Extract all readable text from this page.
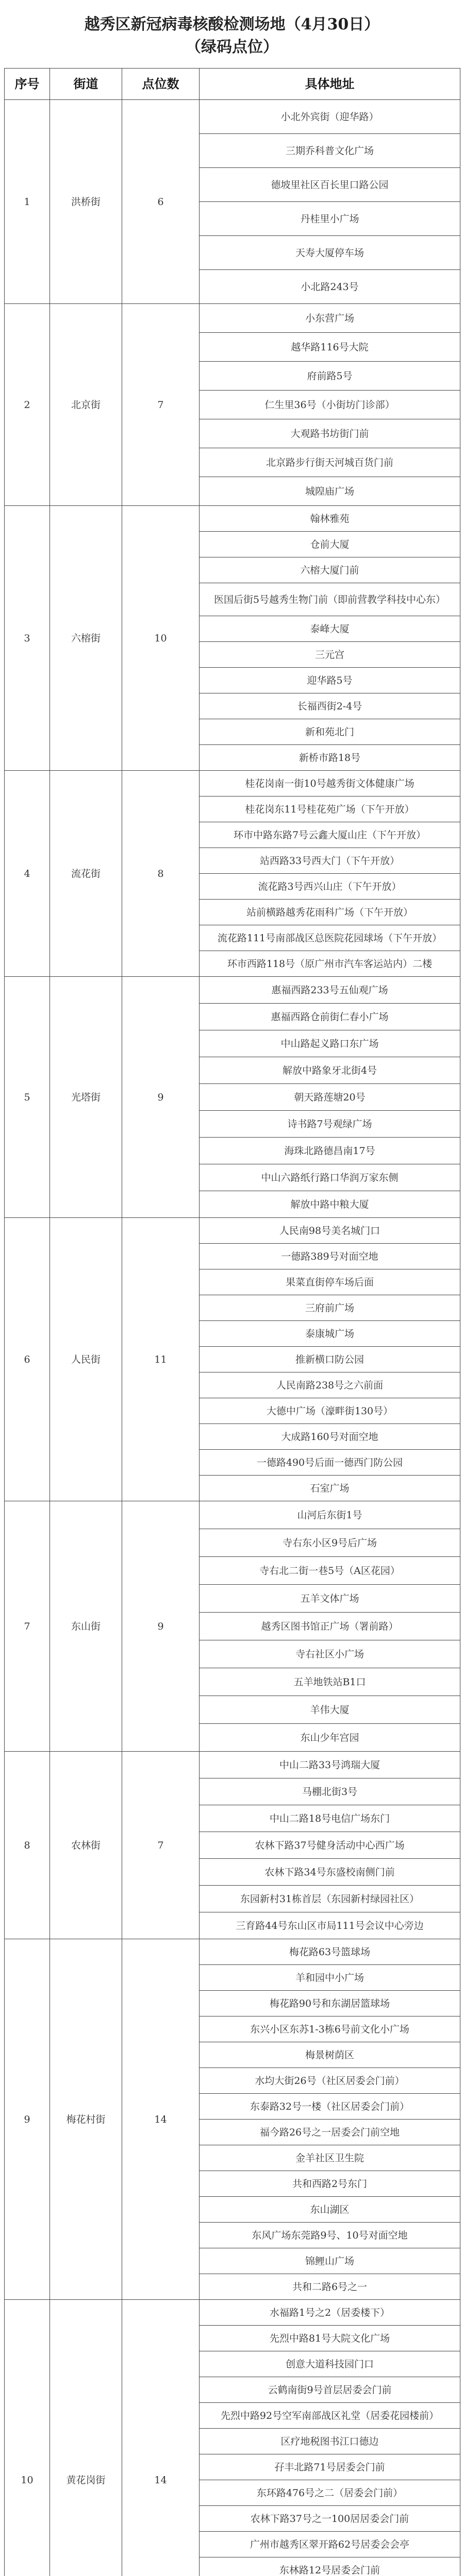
越秀区新冠病毒核酸检测场地（4月30日）
（绿码点位）
序号	街道	点位数	具体地址
1	洪桥街	6	小北外宾街（迎华路）
			三期乔科普文化广场
			德坡里社区百长里口路公园
			丹桂里小广场
			天寿大厦停车场
			小北路243号
2	北京街	7	小东营广场
			越华路116号大院
			府前路5号
			仁生里36号（小街坊门诊部）
			大观路书坊街门前
			北京路步行街天河城百货门前
			城隍庙广场
3	六榕街	10	翰林雅苑
			仓前大厦
			六榕大厦门前
			医国后街5号越秀生物门前（即前营教学科技中心东）
			泰峰大厦
			三元宫
			迎华路5号
			长福西街2-4号
			新和苑北门
			新桥市路18号
4	流花街	8	桂花岗南一街10号越秀街文体健康广场
			桂花岗东11号桂花苑广场（下午开放）
			环市中路东路7号云鑫大厦山庄（下午开放）
			站西路33号西大门（下午开放）
			流花路3号西兴山庄（下午开放）
			站前横路越秀花雨科广场（下午开放）
			流花路111号南部战区总医院花园球场（下午开放）
			环市西路118号（原广州市汽车客运站内）二楼
5	光塔街	9	惠福西路233号五仙观广场
			惠福西路仓前街仁春小广场
			中山路起义路口东广场
			解放中路象牙北街4号
			朝天路莲塘20号
			诗书路7号观绿广场
			海珠北路德昌南17号
			中山六路纸行路口华润万家东侧
			解放中路中粮大厦
6	人民街	11	人民南98号美名城门口
			一德路389号对面空地
			果菜直街停车场后面
			三府前广场
			泰康城广场
			推新横口防公园
			人民南路238号之六前面
			大德中广场（濠畔街130号）
			大成路160号对面空地
			一德路490号后面一德西门防公园
			石室广场
7	东山街	9	山河后东街1号
			寺右东小区9号后广场
			寺右北二街一巷5号（A区花园）
			五羊文体广场
			越秀区图书馆正广场（署前路）
			寺右社区小广场
			五羊地铁站B1口
			羊伟大厦
			东山少年宫园
8	农林街	7	中山二路33号鸿瑞大厦
			马棚北街3号
			中山二路18号电信广场东门
			农林下路37号健身活动中心西广场
			农林下路34号东盛校南侧门前
			东园新村31栋首层（东园新村绿园社区）
			三育路44号东山区市局111号会议中心旁边
9	梅花村街	14	梅花路63号篮球场
			羊和园中小广场
			梅花路90号和东湖居篮球场
			东兴小区东苏1-3栋6号前文化小广场
			梅景树荫区
			水均大街26号（社区居委会门前）
			东泰路32号一楼（社区居委会门前）
			福今路26号之一居委会门前空地
			金羊社区卫生院
			共和西路2号东门
			东山湖区
			东风广场东莞路9号、10号对面空地
			锦鲤山广场
			共和二路6号之一
10	黄花岗街	14	水福路1号之2（居委楼下）
			先烈中路81号大院文化广场
			创意大道科技园门口
			云鹤南街9号首层居委会门前
			先烈中路92号空军南部战区礼堂（居委花园楼前）
			区疗地税图书江口德边
			孖丰北路71号居委会门前
			东环路476号之二（居委会门前）
			农林下路37号之一100居居委会门前
			广州市越秀区翠开路62号居委会会亭
			东林路12号居委会门前
